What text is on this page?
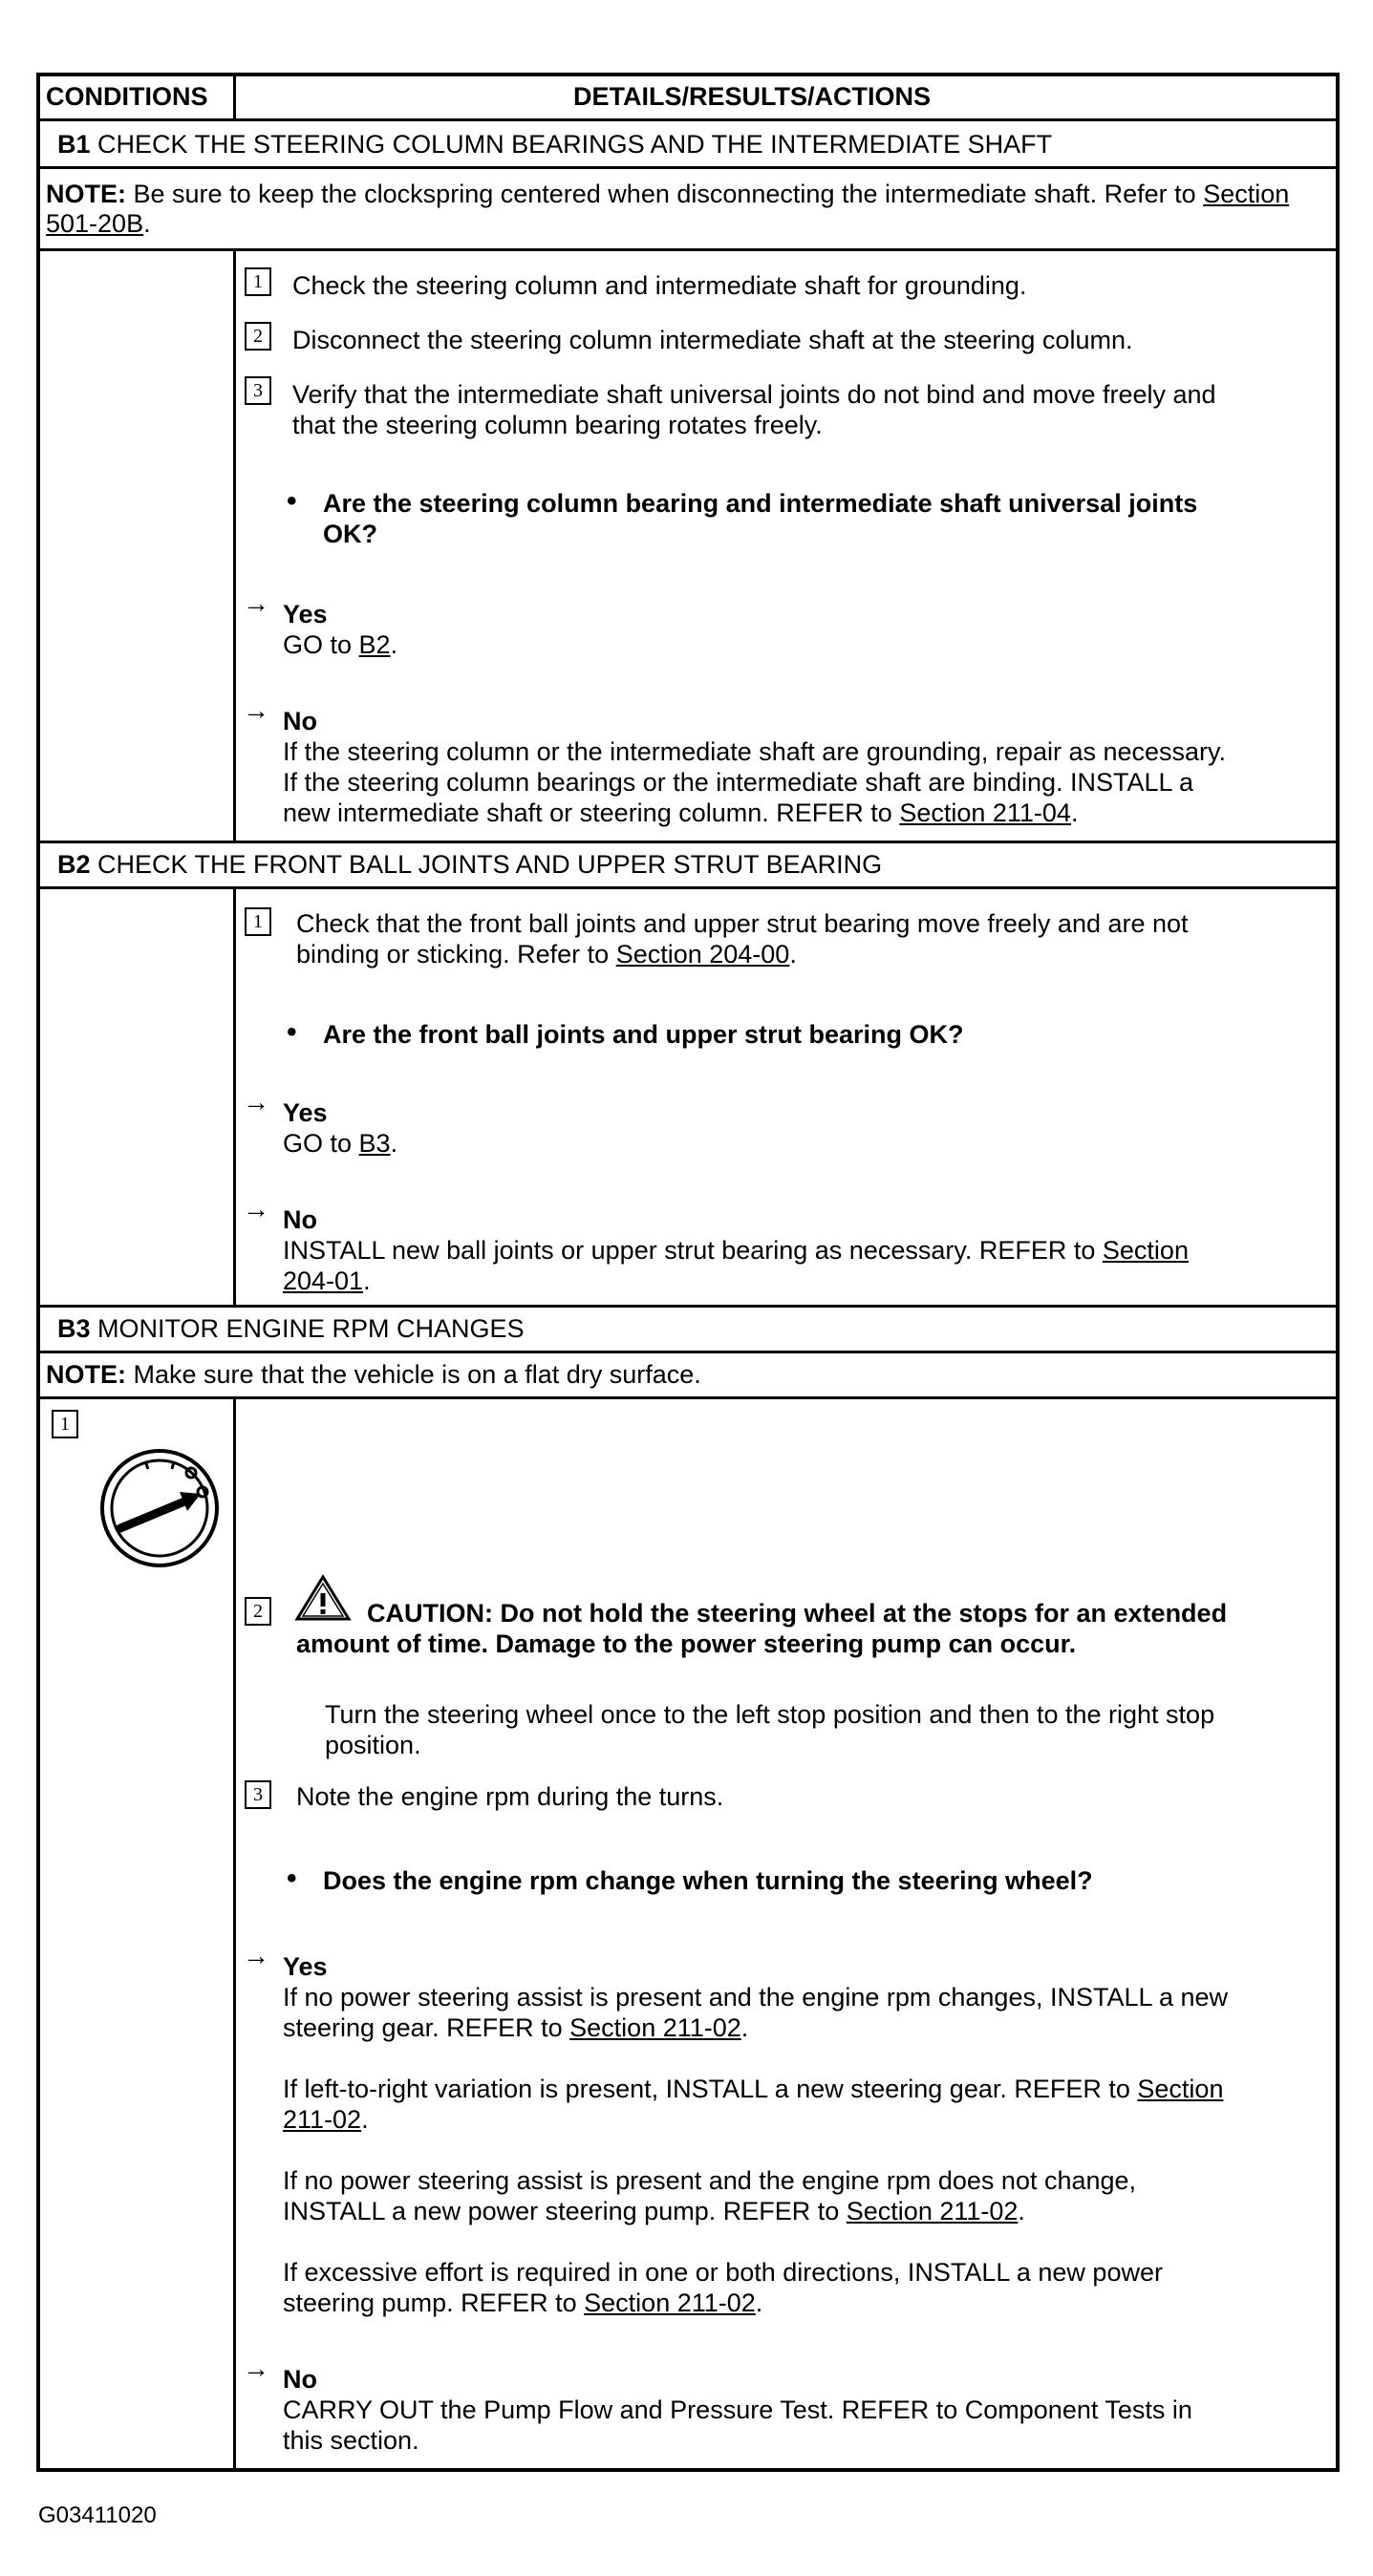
CONDITIONS	DETAILS/RESULTS/ACTIONS
B1 CHECK THE STEERING COLUMN BEARINGS AND THE INTERMEDIATE SHAFT
NOTE: Be sure to keep the clockspring centered when disconnecting the intermediate shaft. Refer to Section 501-20B.
1	Check the steering column and intermediate shaft for grounding.
2	Disconnect the steering column intermediate shaft at the steering column.
3	Verify that the intermediate shaft universal joints do not bind and move freely and
that the steering column bearing rotates freely.
• Are the steering column bearing and intermediate shaft universal joints
OK?
→ Yes
GO to B2.
→ No
If the steering column or the intermediate shaft are grounding, repair as necessary.
If the steering column bearings or the intermediate shaft are binding. INSTALL a
new intermediate shaft or steering column. REFER to Section 211-04.
B2 CHECK THE FRONT BALL JOINTS AND UPPER STRUT BEARING
1	Check that the front ball joints and upper strut bearing move freely and are not
binding or sticking. Refer to Section 204-00.
• Are the front ball joints and upper strut bearing OK?
→ Yes
GO to B3.
→ No
INSTALL new ball joints or upper strut bearing as necessary. REFER to Section
204-01.
B3 MONITOR ENGINE RPM CHANGES
NOTE: Make sure that the vehicle is on a flat dry surface.
1
2	CAUTION: Do not hold the steering wheel at the stops for an extended
amount of time. Damage to the power steering pump can occur.
Turn the steering wheel once to the left stop position and then to the right stop
position.
3	Note the engine rpm during the turns.
• Does the engine rpm change when turning the steering wheel?
→ Yes
If no power steering assist is present and the engine rpm changes, INSTALL a new
steering gear. REFER to Section 211-02.
If left-to-right variation is present, INSTALL a new steering gear. REFER to Section
211-02.
If no power steering assist is present and the engine rpm does not change,
INSTALL a new power steering pump. REFER to Section 211-02.
If excessive effort is required in one or both directions, INSTALL a new power
steering pump. REFER to Section 211-02.
→ No
CARRY OUT the Pump Flow and Pressure Test. REFER to Component Tests in
this section.
G03411020
